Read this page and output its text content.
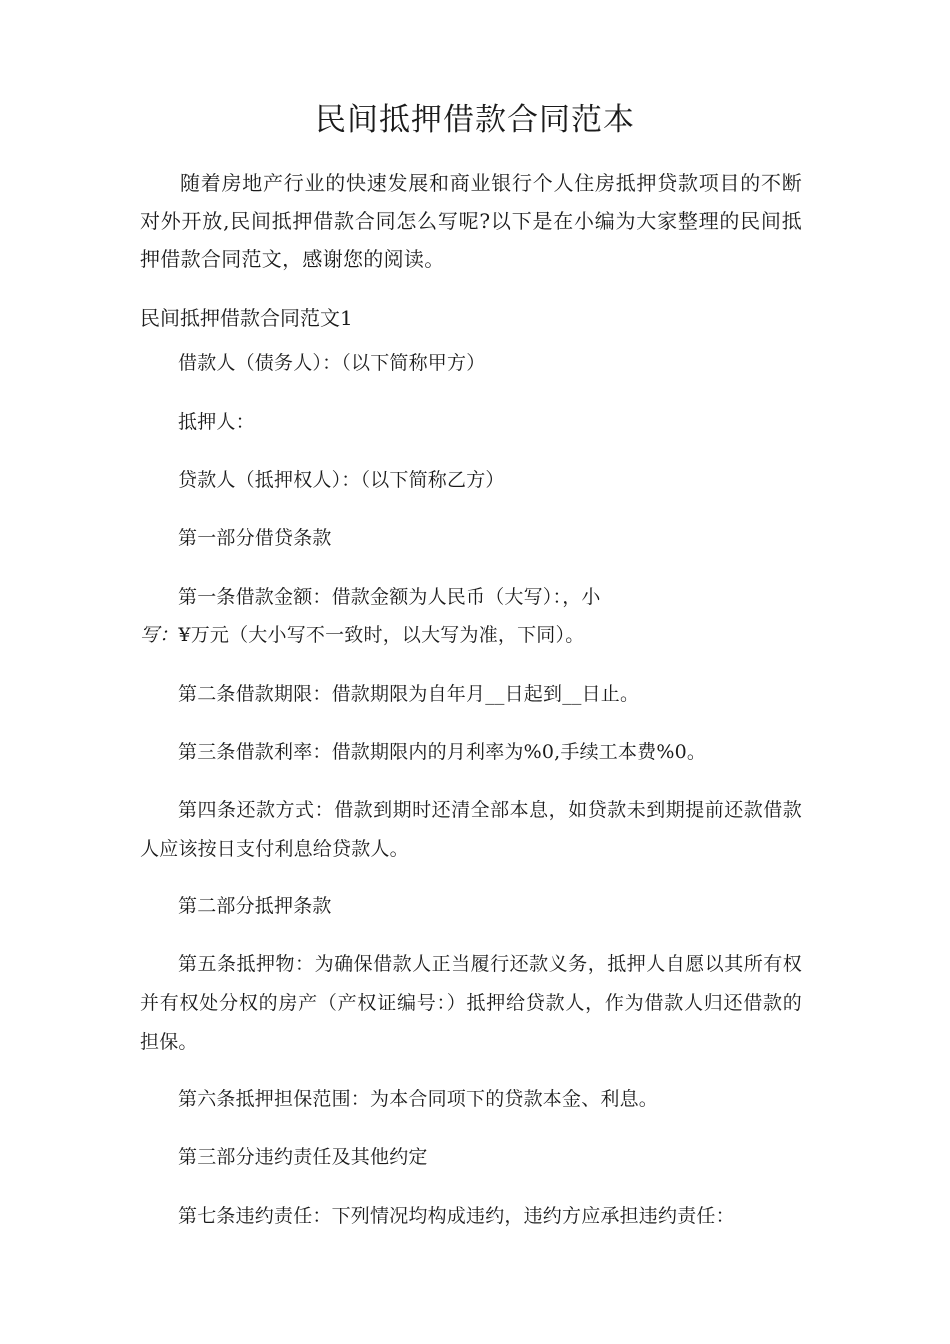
民间抵押借款合同范本

随着房地产行业的快速发展和商业银行个人住房抵押贷款项目的不断对外开放,民间抵押借款合同怎么写呢?以下是在小编为大家整理的民间抵押借款合同范文，感谢您的阅读。

民间抵押借款合同范文1

借款人（债务人）：（以下简称甲方）

抵押人：

贷款人（抵押权人）：（以下简称乙方）

第一部分借贷条款

第一条借款金额：借款金额为人民币（大写）：，小

写：¥万元（大小写不一致时，以大写为准，下同）。

第二条借款期限：借款期限为自年月__日起到__日止。

第三条借款利率：借款期限内的月利率为%0,手续工本费%0。

第四条还款方式：借款到期时还清全部本息，如贷款未到期提前还款借款人应该按日支付利息给贷款人。

第二部分抵押条款

第五条抵押物：为确保借款人正当履行还款义务，抵押人自愿以其所有权并有权处分权的房产（产权证编号：）抵押给贷款人，作为借款人归还借款的担保。

第六条抵押担保范围：为本合同项下的贷款本金、利息。

第三部分违约责任及其他约定

第七条违约责任：下列情况均构成违约，违约方应承担违约责任：
